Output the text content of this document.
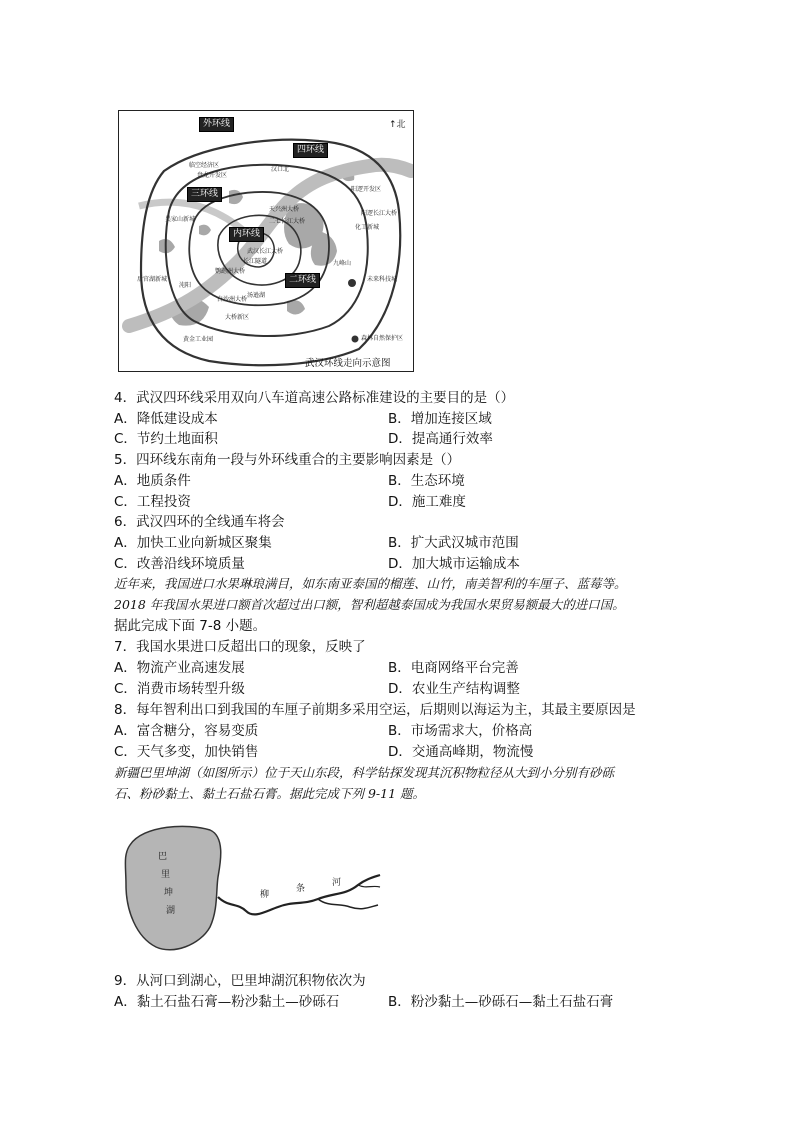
外环线
四环线
三环线
内环线
二环线
↑北
临空经济区
盘龙开发区
汉口北
阳逻开发区
阳逻长江大桥
吴家山新城
化工新城
天兴洲大桥
二七长江大桥
武汉长江大桥
长江隧道
鹦鹉洲大桥
后官湖新城
沌阳
白沙洲大桥
汤逊湖
九峰山
未来科技城
大桥新区
黄金工业园	森林自然保护区
武汉环线走向示意图
4．武汉四环线采用双向八车道高速公路标准建设的主要目的是（）
A．降低建设成本	B．增加连接区域
C．节约土地面积	D．提高通行效率
5．四环线东南角一段与外环线重合的主要影响因素是（）
A．地质条件	B．生态环境
C．工程投资	D．施工难度
6．武汉四环的全线通车将会
A．加快工业向新城区聚集	B．扩大武汉城市范围
C．改善沿线环境质量	D．加大城市运输成本
近年来，我国进口水果琳琅满目，如东南亚泰国的榴莲、山竹，南美智利的车厘子、蓝莓等。
2018 年我国水果进口额首次超过出口额，智利超越泰国成为我国水果贸易额最大的进口国。
据此完成下面 7-8 小题。
7．我国水果进口反超出口的现象，反映了
A．物流产业高速发展	B．电商网络平台完善
C．消费市场转型升级	D．农业生产结构调整
8．每年智利出口到我国的车厘子前期多采用空运，后期则以海运为主，其最主要原因是
A．富含糖分，容易变质	B．市场需求大，价格高
C．天气多变，加快销售	D．交通高峰期，物流慢
新疆巴里坤湖（如图所示）位于天山东段，科学钻探发现其沉积物粒径从大到小分别有砂砾
石、粉砂黏土、黏土石盐石膏。据此完成下列 9-11 题。
巴
里
坤
湖
柳
条
河
9．从河口到湖心，巴里坤湖沉积物依次为
A．黏土石盐石膏—粉沙黏土—砂砾石	B．粉沙黏土—砂砾石—黏土石盐石膏
